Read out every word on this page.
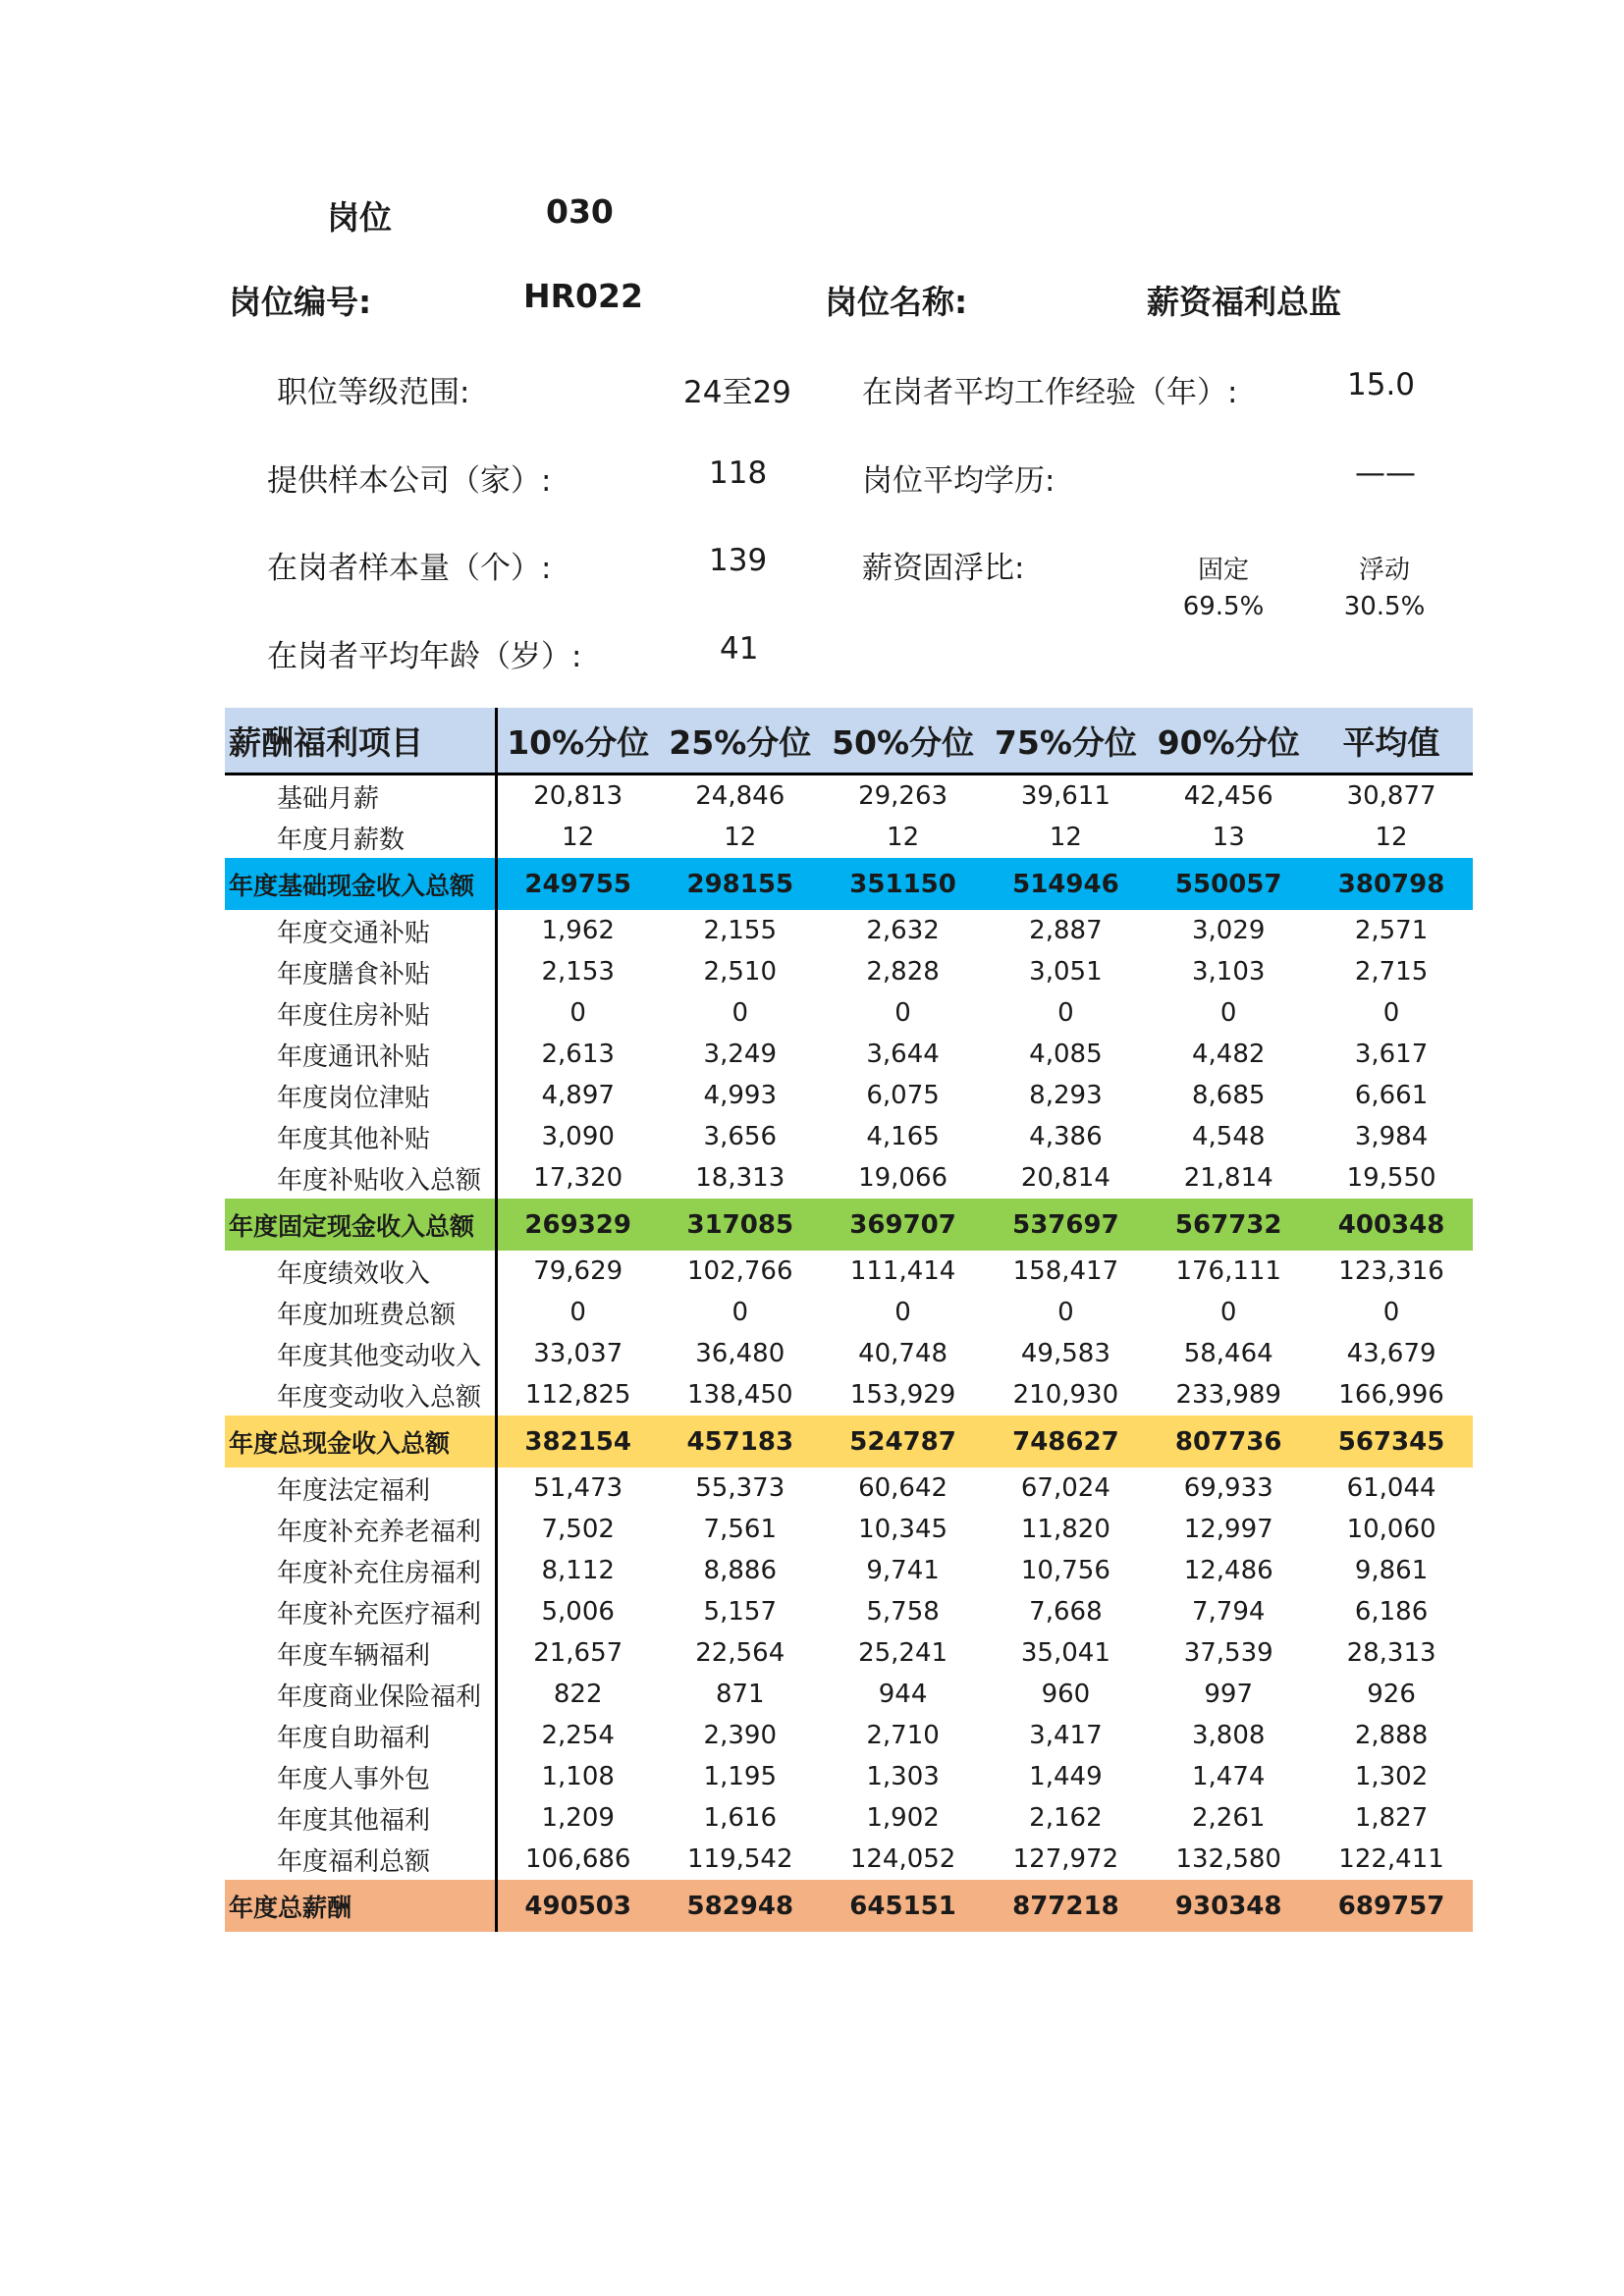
岗位	030
岗位编号:	HR022	岗位名称:	薪资福利总监
职位等级范围:	24至29 在岗者平均工作经验（年）:	15.0
提供样本公司（家）:	118	岗位平均学历:	——
在岗者样本量（个）:	139	薪资固浮比:	固定
69.5%
浮动
30.5%
在岗者平均年龄（岁）:	41
薪酬福利项目	10%分位	25%分位	50%分位	75%分位	90%分位	平均值
基础月薪	20,813	24,846	29,263	39,611	42,456	30,877
年度月薪数	12	12	12	12	13	12
年度基础现金收入总额	249755	298155	351150	514946	550057	380798
年度交通补贴	1,962	2,155	2,632	2,887	3,029	2,571
年度膳食补贴	2,153	2,510	2,828	3,051	3,103	2,715
年度住房补贴	0	0	0	0	0	0
年度通讯补贴	2,613	3,249	3,644	4,085	4,482	3,617
年度岗位津贴	4,897	4,993	6,075	8,293	8,685	6,661
年度其他补贴	3,090	3,656	4,165	4,386	4,548	3,984
年度补贴收入总额	17,320	18,313	19,066	20,814	21,814	19,550
年度固定现金收入总额	269329	317085	369707	537697	567732	400348
年度绩效收入	79,629	102,766	111,414	158,417	176,111	123,316
年度加班费总额	0	0	0	0	0	0
年度其他变动收入	33,037	36,480	40,748	49,583	58,464	43,679
年度变动收入总额	112,825	138,450	153,929	210,930	233,989	166,996
年度总现金收入总额	382154	457183	524787	748627	807736	567345
年度法定福利	51,473	55,373	60,642	67,024	69,933	61,044
年度补充养老福利	7,502	7,561	10,345	11,820	12,997	10,060
年度补充住房福利	8,112	8,886	9,741	10,756	12,486	9,861
年度补充医疗福利	5,006	5,157	5,758	7,668	7,794	6,186
年度车辆福利	21,657	22,564	25,241	35,041	37,539	28,313
年度商业保险福利	822	871	944	960	997	926
年度自助福利	2,254	2,390	2,710	3,417	3,808	2,888
年度人事外包	1,108	1,195	1,303	1,449	1,474	1,302
年度其他福利	1,209	1,616	1,902	2,162	2,261	1,827
年度福利总额	106,686	119,542	124,052	127,972	132,580	122,411
年度总薪酬	490503	582948	645151	877218	930348	689757
